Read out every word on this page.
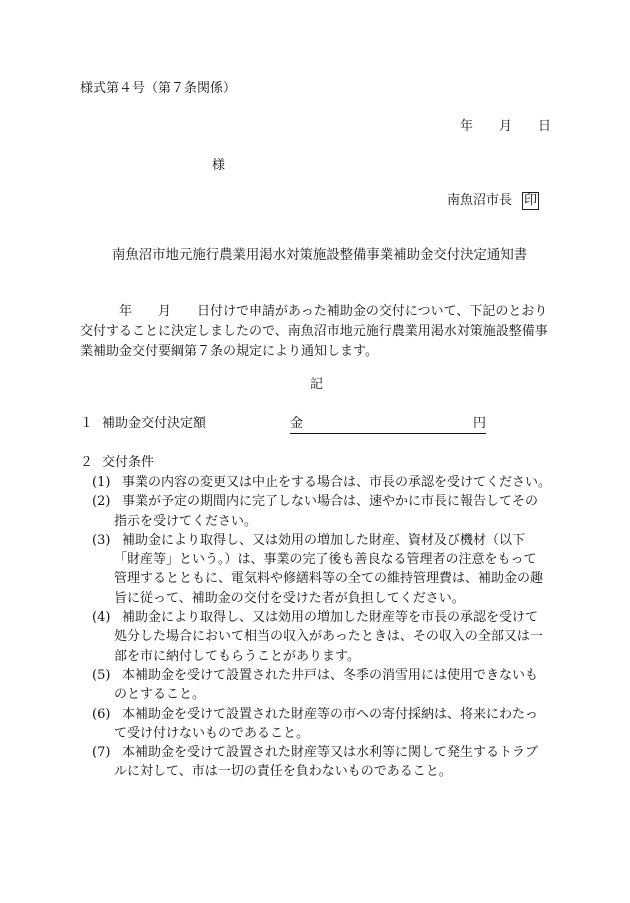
様式第４号（第７条関係）
年 月 日
様
南魚沼市長 印
南魚沼市地元施行農業用渇水対策施設整備事業補助金交付決定通知書
　　　年　　月　　日付けで申請があった補助金の交付について、下記のとおり
交付することに決定しましたので、南魚沼市地元施行農業用渇水対策施設整備事
業補助金交付要綱第７条の規定により通知します。
記
１ 補助金交付決定額	金	円
２ 交付条件
(1) 事業の内容の変更又は中止をする場合は、市長の承認を受けてください。
(2) 事業が予定の期間内に完了しない場合は、速やかに市長に報告してその
指示を受けてください。
(3) 補助金により取得し、又は効用の増加した財産、資材及び機材（以下
「財産等」という。）は、事業の完了後も善良なる管理者の注意をもって
管理するとともに、電気料や修繕料等の全ての維持管理費は、補助金の趣
旨に従って、補助金の交付を受けた者が負担してください。
(4) 補助金により取得し、又は効用の増加した財産等を市長の承認を受けて
処分した場合において相当の収入があったときは、その収入の全部又は一
部を市に納付してもらうことがあります。
(5) 本補助金を受けて設置された井戸は、冬季の消雪用には使用できないも
のとすること。
(6) 本補助金を受けて設置された財産等の市への寄付採納は、将来にわたっ
て受け付けないものであること。
(7) 本補助金を受けて設置された財産等又は水利等に関して発生するトラブ
ルに対して、市は一切の責任を負わないものであること。
